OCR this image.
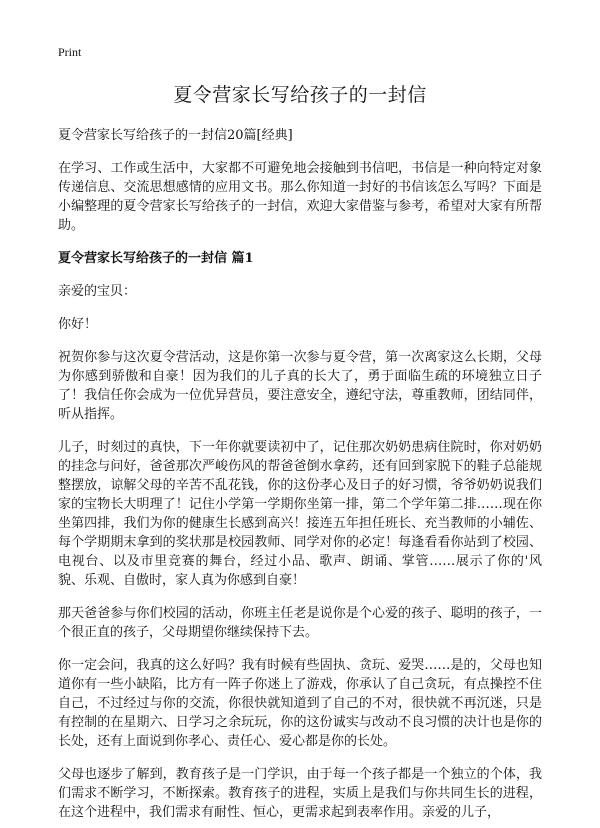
Print
夏令营家长写给孩子的一封信
夏令营家长写给孩子的一封信20篇[经典]

在学习、工作或生活中，大家都不可避免地会接触到书信吧，书信是一种向特定对象传递信息、交流思想感情的应用文书。那么你知道一封好的书信该怎么写吗？下面是小编整理的夏令营家长写给孩子的一封信，欢迎大家借鉴与参考，希望对大家有所帮助。

夏令营家长写给孩子的一封信 篇1

亲爱的宝贝：

你好！

祝贺你参与这次夏令营活动，这是你第一次参与夏令营，第一次离家这么长期，父母为你感到骄傲和自豪！因为我们的儿子真的长大了，勇于面临生疏的环境独立日子了！我信任你会成为一位优异营员，要注意安全，遵纪守法，尊重教师，团结同伴，听从指挥。

儿子，时刻过的真快，下一年你就要读初中了，记住那次奶奶患病住院时，你对奶奶的挂念与问好，爸爸那次严峻伤风的帮爸爸倒水拿药，还有回到家脱下的鞋子总能规整摆放，谅解父母的辛苦不乱花钱，你的这份孝心及日子的好习惯，爷爷奶奶说我们家的宝物长大明理了！记住小学第一学期你坐第一排，第二个学年第二排……现在你坐第四排，我们为你的健康生长感到高兴！接连五年担任班长、充当教师的小辅佐、每个学期期末拿到的奖状那是校园教师、同学对你的必定！每逢看看你站到了校园、电视台、以及市里竞赛的舞台，经过小品、歌声、朗诵、掌管……展示了你的'风貌、乐观、自傲时，家人真为你感到自豪！

那天爸爸参与你们校园的活动，你班主任老是说你是个心爱的孩子、聪明的孩子，一个很正直的孩子，父母期望你继续保持下去。

你一定会问，我真的这么好吗？我有时候有些固执、贪玩、爱哭……是的，父母也知道你有一些小缺陷，比方有一阵子你迷上了游戏，你承认了自己贪玩，有点操控不住自己，不过经过与你的交流，你很快就知道到了自己的不对，很快就不再沉迷，只是有控制的在星期六、日学习之余玩玩，你的这份诚实与改动不良习惯的决计也是你的长处，还有上面说到你孝心、责任心、爱心都是你的长处。

父母也逐步了解到，教育孩子是一门学识，由于每一个孩子都是一个独立的个体，我们需求不断学习，不断探索。教育孩子的进程，实质上是我们与你共同生长的进程，在这个进程中，我们需求有耐性、恒心，更需求起到表率作用。亲爱的儿子，
